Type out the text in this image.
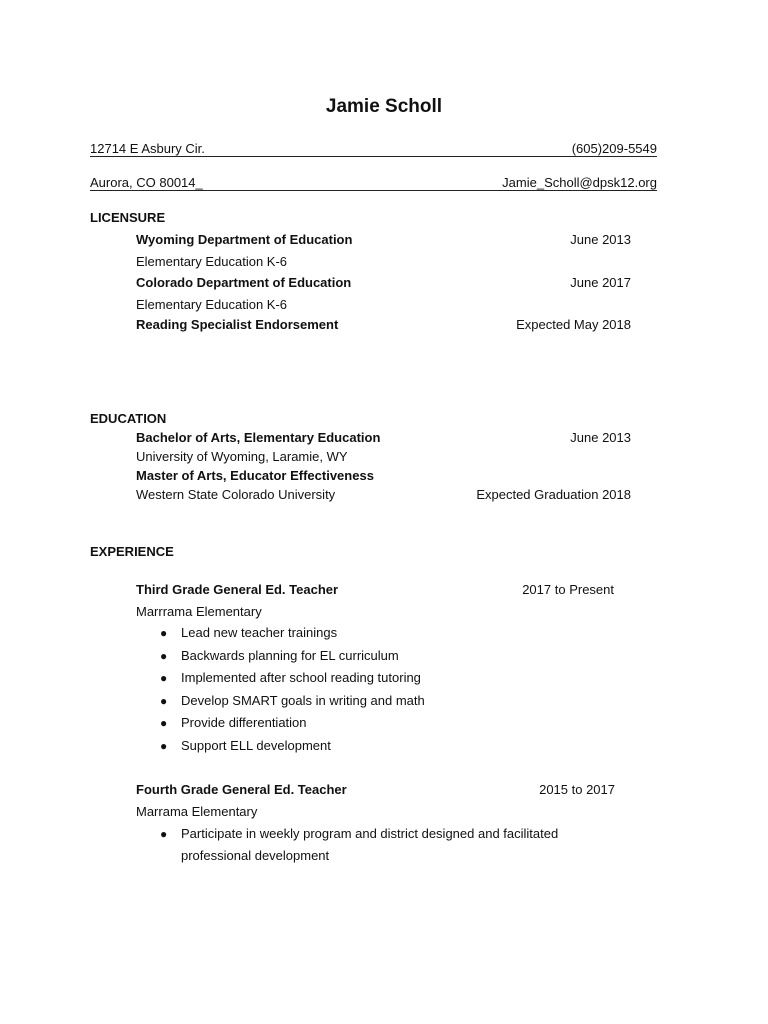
Jamie Scholl
12714 E Asbury Cir.	(605)209-5549
Aurora, CO 80014_	Jamie_Scholl@dpsk12.org
LICENSURE
Wyoming Department of Education	June 2013
Elementary Education K-6
Colorado Department of Education	June 2017
Elementary Education K-6
Reading Specialist Endorsement	Expected May 2018
EDUCATION
Bachelor of Arts, Elementary Education	June 2013
University of Wyoming, Laramie, WY
Master of Arts, Educator Effectiveness
Western State Colorado University	Expected Graduation 2018
EXPERIENCE
Third Grade General Ed. Teacher	2017 to Present
Marrrama Elementary
● Lead new teacher trainings
● Backwards planning for EL curriculum
● Implemented after school reading tutoring
● Develop SMART goals in writing and math
● Provide differentiation
● Support ELL development
Fourth Grade General Ed. Teacher	2015 to 2017
Marrama Elementary
● Participate in weekly program and district designed and facilitated professional development
